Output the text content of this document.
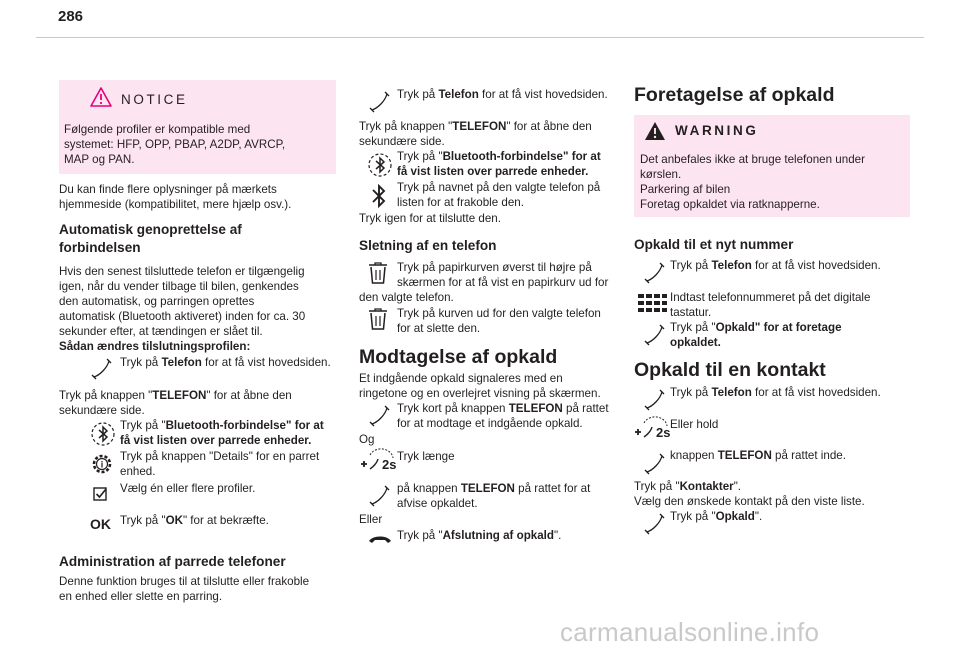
286
NOTICE
Følgende profiler er kompatible med
systemet: HFP, OPP, PBAP, A2DP, AVRCP,
MAP og PAN.
Du kan finde flere oplysninger på mærkets
hjemmeside (kompatibilitet, mere hjælp osv.).
Automatisk genoprettelse af
forbindelsen
Hvis den senest tilsluttede telefon er tilgængelig
igen, når du vender tilbage til bilen, genkendes
den automatisk, og parringen oprettes
automatisk (Bluetooth aktiveret) inden for ca. 30
sekunder efter, at tændingen er slået til.
Sådan ændres tilslutningsprofilen:
Tryk på Telefon for at få vist hovedsiden.
Tryk på knappen "TELEFON" for at åbne den
sekundære side.
Tryk på "Bluetooth-forbindelse" for at
få vist listen over parrede enheder.
i
Tryk på knappen "Details" for en parret
enhed.
Vælg én eller flere profiler.
OK Tryk på "OK" for at bekræfte.
Administration af parrede telefoner
Denne funktion bruges til at tilslutte eller frakoble
en enhed eller slette en parring.
Tryk på Telefon for at få vist hovedsiden.
Tryk på knappen "TELEFON" for at åbne den
sekundære side.
Tryk på "Bluetooth-forbindelse" for at
få vist listen over parrede enheder.
Tryk på navnet på den valgte telefon på
listen for at frakoble den.
Tryk igen for at tilslutte den.
Sletning af en telefon
Tryk på papirkurven øverst til højre på
skærmen for at få vist en papirkurv ud for
den valgte telefon.
Tryk på kurven ud for den valgte telefon
for at slette den.
Modtagelse af opkald
Et indgående opkald signaleres med en
ringetone og en overlejret visning på skærmen.
Tryk kort på knappen TELEFON på rattet
for at modtage et indgående opkald.
Og
2s
Tryk længe
på knappen TELEFON på rattet for at
afvise opkaldet.
Eller
Tryk på "Afslutning af opkald".
Foretagelse af opkald
WARNING
Det anbefales ikke at bruge telefonen under
kørslen.
Parkering af bilen
Foretag opkaldet via ratknapperne.
Opkald til et nyt nummer
Tryk på Telefon for at få vist hovedsiden.
Indtast telefonnummeret på det digitale
tastatur.
Tryk på "Opkald" for at foretage
opkaldet.
Opkald til en kontakt
Tryk på Telefon for at få vist hovedsiden.
2s
Eller hold
knappen TELEFON på rattet inde.
Tryk på "Kontakter".
Vælg den ønskede kontakt på den viste liste.
Tryk på "Opkald".
carmanualsonline.info
